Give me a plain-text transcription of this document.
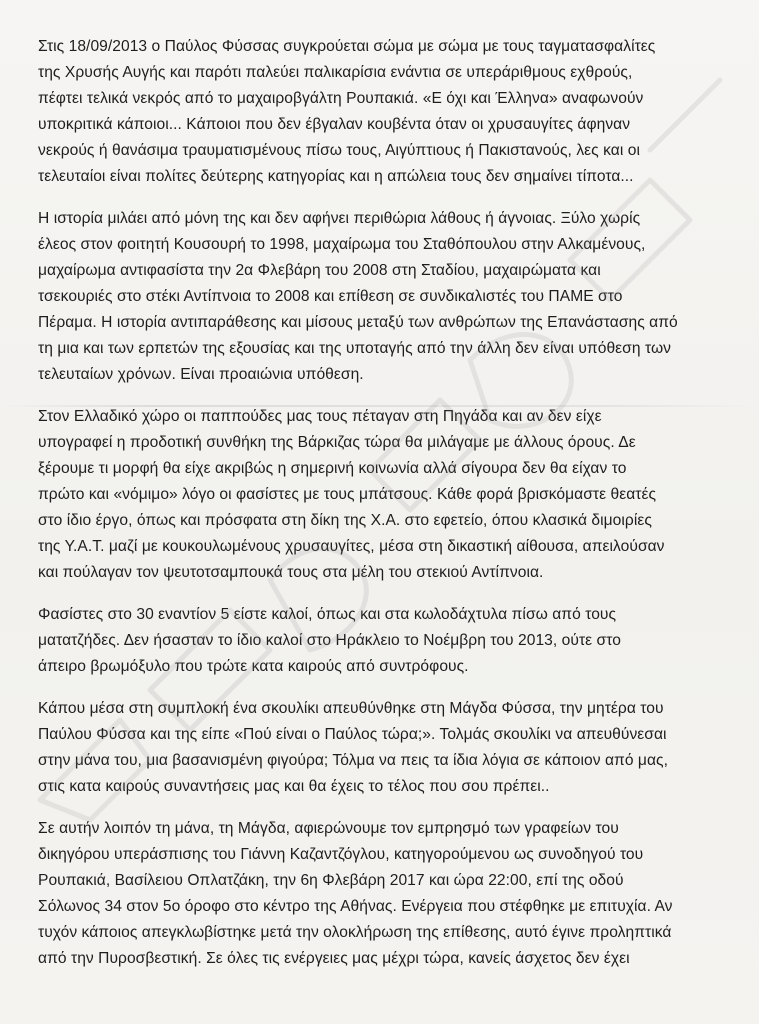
Στις 18/09/2013 ο Παύλος Φύσσας συγκρούεται σώμα με σώμα με τους ταγματασφαλίτες
της Χρυσής Αυγής και παρότι παλεύει παλικαρίσια ενάντια σε υπεράριθμους εχθρούς,
πέφτει τελικά νεκρός από το μαχαιροβγάλτη Ρουπακιά. «Ε όχι και Έλληνα» αναφωνούν
υποκριτικά κάποιοι... Κάποιοι που δεν έβγαλαν κουβέντα όταν οι χρυσαυγίτες άφηναν
νεκρούς ή θανάσιμα τραυματισμένους πίσω τους, Αιγύπτιους ή Πακιστανούς, λες και οι
τελευταίοι είναι πολίτες δεύτερης κατηγορίας και η απώλεια τους δεν σημαίνει τίποτα...
Η ιστορία μιλάει από μόνη της και δεν αφήνει περιθώρια λάθους ή άγνοιας. Ξύλο χωρίς
έλεος στον φοιτητή Κουσουρή το 1998, μαχαίρωμα του Σταθόπουλου στην Αλκαμένους,
μαχαίρωμα αντιφασίστα την 2α Φλεβάρη του 2008 στη Σταδίου, μαχαιρώματα και
τσεκουριές στο στέκι Αντίπνοια το 2008 και επίθεση σε συνδικαλιστές του ΠΑΜΕ στο
Πέραμα. Η ιστορία αντιπαράθεσης και μίσους μεταξύ των ανθρώπων της Επανάστασης από
τη μια και των ερπετών της εξουσίας και της υποταγής από την άλλη δεν είναι υπόθεση των
τελευταίων χρόνων. Είναι προαιώνια υπόθεση.
Στον Ελλαδικό χώρο οι παππούδες μας τους πέταγαν στη Πηγάδα και αν δεν είχε
υπογραφεί η προδοτική συνθήκη της Βάρκιζας τώρα θα μιλάγαμε με άλλους όρους. Δε
ξέρουμε τι μορφή θα είχε ακριβώς η σημερινή κοινωνία αλλά σίγουρα δεν θα είχαν το
πρώτο και «νόμιμο» λόγο οι φασίστες με τους μπάτσους. Κάθε φορά βρισκόμαστε θεατές
στο ίδιο έργο, όπως και πρόσφατα στη δίκη της Χ.Α. στο εφετείο, όπου κλασικά διμοιρίες
της Υ.Α.Τ. μαζί με κουκουλωμένους χρυσαυγίτες, μέσα στη δικαστική αίθουσα, απειλούσαν
και πούλαγαν τον ψευτοτσαμπουκά τους στα μέλη του στεκιού Αντίπνοια.
Φασίστες στο 30 εναντίον 5 είστε καλοί, όπως και στα κωλοδάχτυλα πίσω από τους
ματατζήδες. Δεν ήσασταν το ίδιο καλοί στο Ηράκλειο το Νοέμβρη του 2013, ούτε στο
άπειρο βρωμόξυλο που τρώτε κατα καιρούς από συντρόφους.
Κάπου μέσα στη συμπλοκή ένα σκουλίκι απευθύνθηκε στη Μάγδα Φύσσα, την μητέρα του
Παύλου Φύσσα και της είπε «Πού είναι ο Παύλος τώρα;». Τολμάς σκουλίκι να απευθύνεσαι
στην μάνα του, μια βασανισμένη φιγούρα; Τόλμα να πεις τα ίδια λόγια σε κάποιον από μας,
στις κατα καιρούς συναντήσεις μας και θα έχεις το τέλος που σου πρέπει..
Σε αυτήν λοιπόν τη μάνα, τη Μάγδα, αφιερώνουμε τον εμπρησμό των γραφείων του
δικηγόρου υπεράσπισης του Γιάννη Καζαντζόγλου, κατηγορούμενου ως συνοδηγού του
Ρουπακιά, Βασίλειου Οπλατζάκη, την 6η Φλεβάρη 2017 και ώρα 22:00, επί της οδού
Σόλωνος 34 στον 5ο όροφο στο κέντρο της Αθήνας. Ενέργεια που στέφθηκε με επιτυχία. Αν
τυχόν κάποιος απεγκλωβίστηκε μετά την ολοκλήρωση της επίθεσης, αυτό έγινε προληπτικά
από την Πυροσβεστική. Σε όλες τις ενέργειες μας μέχρι τώρα, κανείς άσχετος δεν έχει
